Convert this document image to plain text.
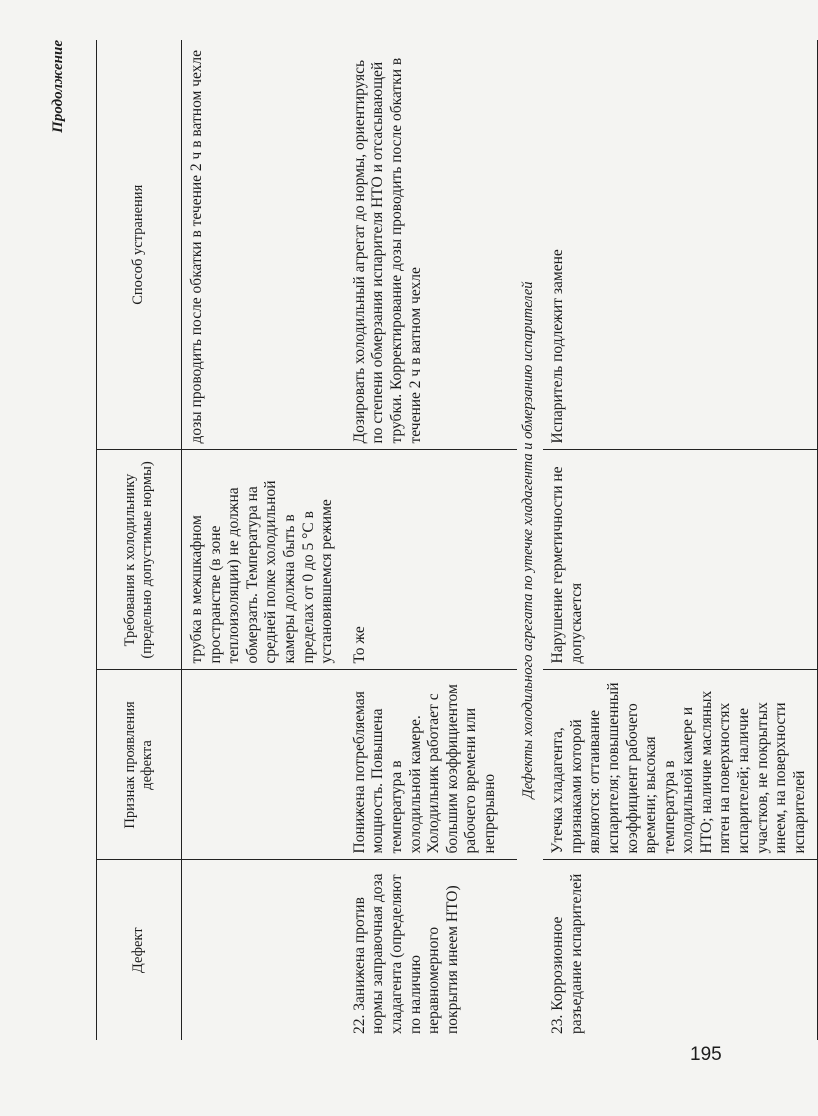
Продолжение
Дефект	Признак проявления дефекта	Требования к холодильнику (предельно допустимые нормы)	Способ устранения
		трубка в межшкафном пространстве (в зоне теплоизоляции) не должна обмерзать. Температура на средней полке холодильной камеры должна быть в пределах от 0 до 5 °С в установившемся режиме	дозы проводить после обкатки в течение 2 ч в ватном чехле
22. Занижена против нормы заправочная доза хладагента (определяют по наличию неравномерного покрытия инеем НТО)	Понижена потребляемая мощность. Повышена температура в холодильной камере. Холодильник работает с большим коэффициентом рабочего времени или непрерывно	То же	Дозировать холодильный агрегат до нормы, ориентируясь по степени обмерзания испарителя НТО и отсасывающей трубки. Корректирование дозы проводить после обкатки в течение 2 ч в ватном чехле
Дефекты холодильного агрегата по утечке хладагента и обмерзанию испарителей			
23. Коррозионное разъедание испарителей	Утечка хладагента, признаками которой являются: оттаивание испарителя; повышенный коэффициент рабочего времени; высокая температура в холодильной камере и НТО; наличие масляных пятен на поверхностях испарителей; наличие участков, не покрытых инеем, на поверхности испарителей	Нарушение герметичности не допускается	Испаритель подлежит замене
195
